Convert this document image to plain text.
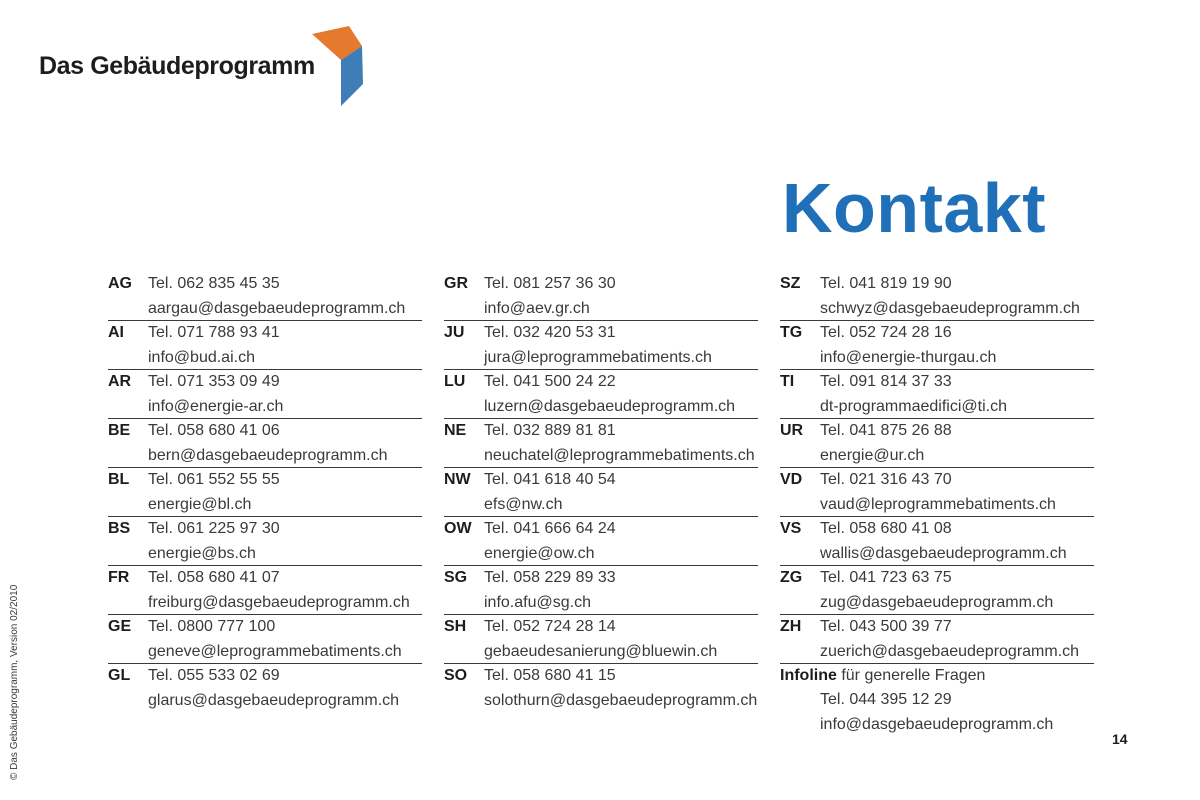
Das Gebäudeprogramm
Kontakt
AG Tel. 062 835 45 35
aargau@dasgebaeudeprogramm.ch
AI Tel. 071 788 93 41
info@bud.ai.ch
AR Tel. 071 353 09 49
info@energie-ar.ch
BE Tel. 058 680 41 06
bern@dasgebaeudeprogramm.ch
BL Tel. 061 552 55 55
energie@bl.ch
BS Tel. 061 225 97 30
energie@bs.ch
FR Tel. 058 680 41 07
freiburg@dasgebaeudeprogramm.ch
GE Tel. 0800 777 100
geneve@leprogrammebatiments.ch
GL Tel. 055 533 02 69
glarus@dasgebaeudeprogramm.ch
GR Tel. 081 257 36 30
info@aev.gr.ch
JU Tel. 032 420 53 31
jura@leprogrammebatiments.ch
LU Tel. 041 500 24 22
luzern@dasgebaeudeprogramm.ch
NE Tel. 032 889 81 81
neuchatel@leprogrammebatiments.ch
NW Tel. 041 618 40 54
efs@nw.ch
OW Tel. 041 666 64 24
energie@ow.ch
SG Tel. 058 229 89 33
info.afu@sg.ch
SH Tel. 052 724 28 14
gebaeudesanierung@bluewin.ch
SO Tel. 058 680 41 15
solothurn@dasgebaeudeprogramm.ch
SZ Tel. 041 819 19 90
schwyz@dasgebaeudeprogramm.ch
TG Tel. 052 724 28 16
info@energie-thurgau.ch
TI Tel. 091 814 37 33
dt-programmaedifici@ti.ch
UR Tel. 041 875 26 88
energie@ur.ch
VD Tel. 021 316 43 70
vaud@leprogrammebatiments.ch
VS Tel. 058 680 41 08
wallis@dasgebaeudeprogramm.ch
ZG Tel. 041 723 63 75
zug@dasgebaeudeprogramm.ch
ZH Tel. 043 500 39 77
zuerich@dasgebaeudeprogramm.ch
Infoline für generelle Fragen
Tel. 044 395 12 29
info@dasgebaeudeprogramm.ch

14

© Das Gebäudeprogramm, Version 02/2010
